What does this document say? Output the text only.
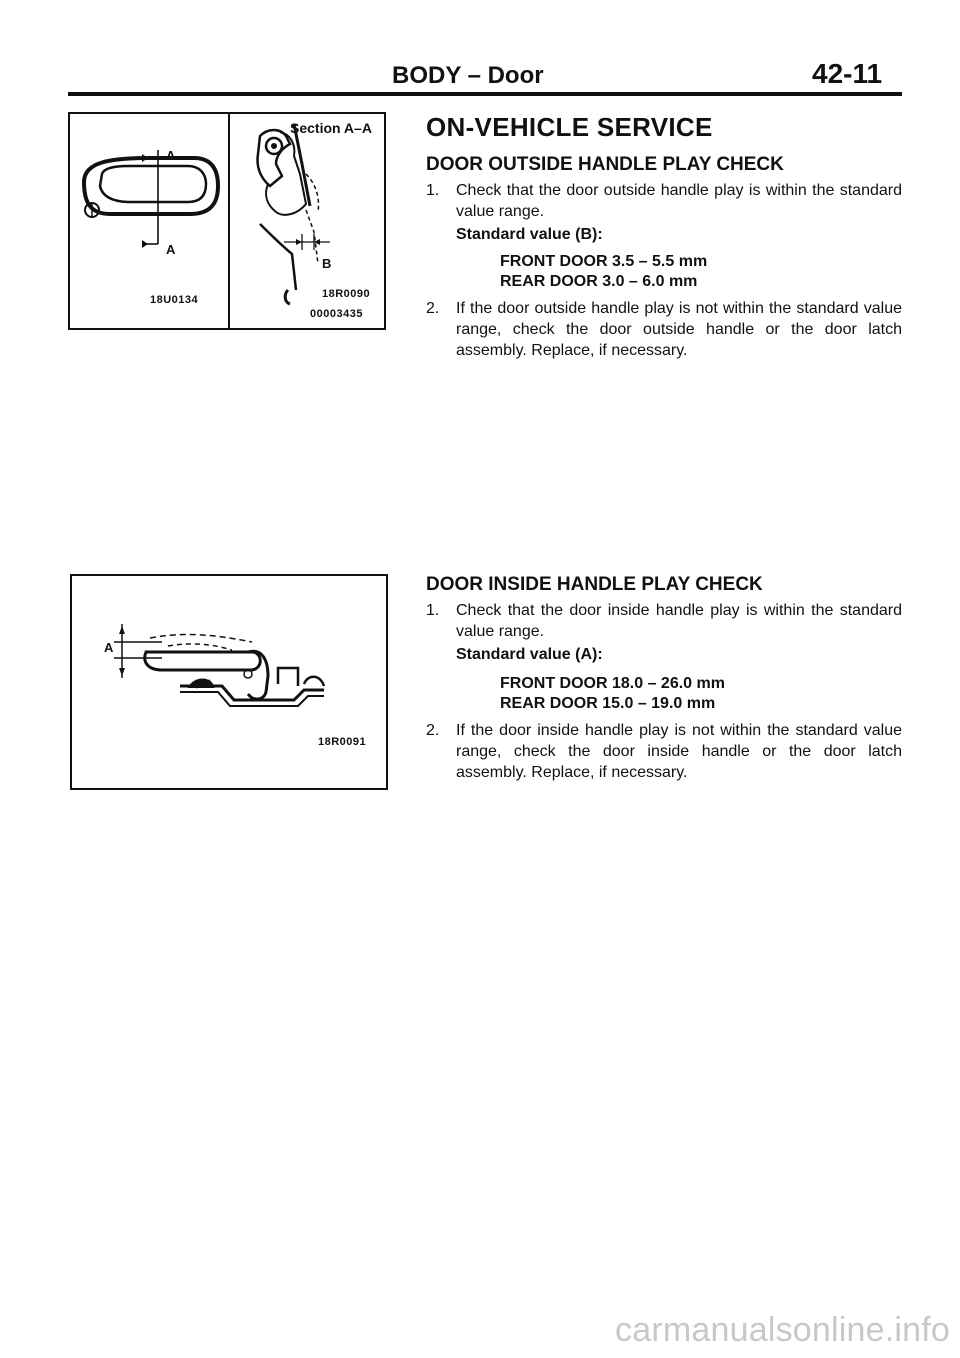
BODY – Door	42-11
A
A
18U0134
Section A–A
B
18R0090
00003435
A
18R0091
ON-VEHICLE SERVICE
DOOR OUTSIDE HANDLE PLAY CHECK
1. Check that the door outside handle play is within the standard value range.
Standard value (B):
FRONT DOOR 3.5 – 5.5 mm
REAR DOOR 3.0 – 6.0 mm
2. If the door outside handle play is not within the standard value range, check the door outside handle or the door latch assembly. Replace, if necessary.
DOOR INSIDE HANDLE PLAY CHECK
1. Check that the door inside handle play is within the standard value range.
Standard value (A):
FRONT DOOR 18.0 – 26.0 mm
REAR DOOR 15.0 – 19.0 mm
2. If the door inside handle play is not within the standard value range, check the door inside handle or the door latch assembly. Replace, if necessary.
carmanualsonline.info
